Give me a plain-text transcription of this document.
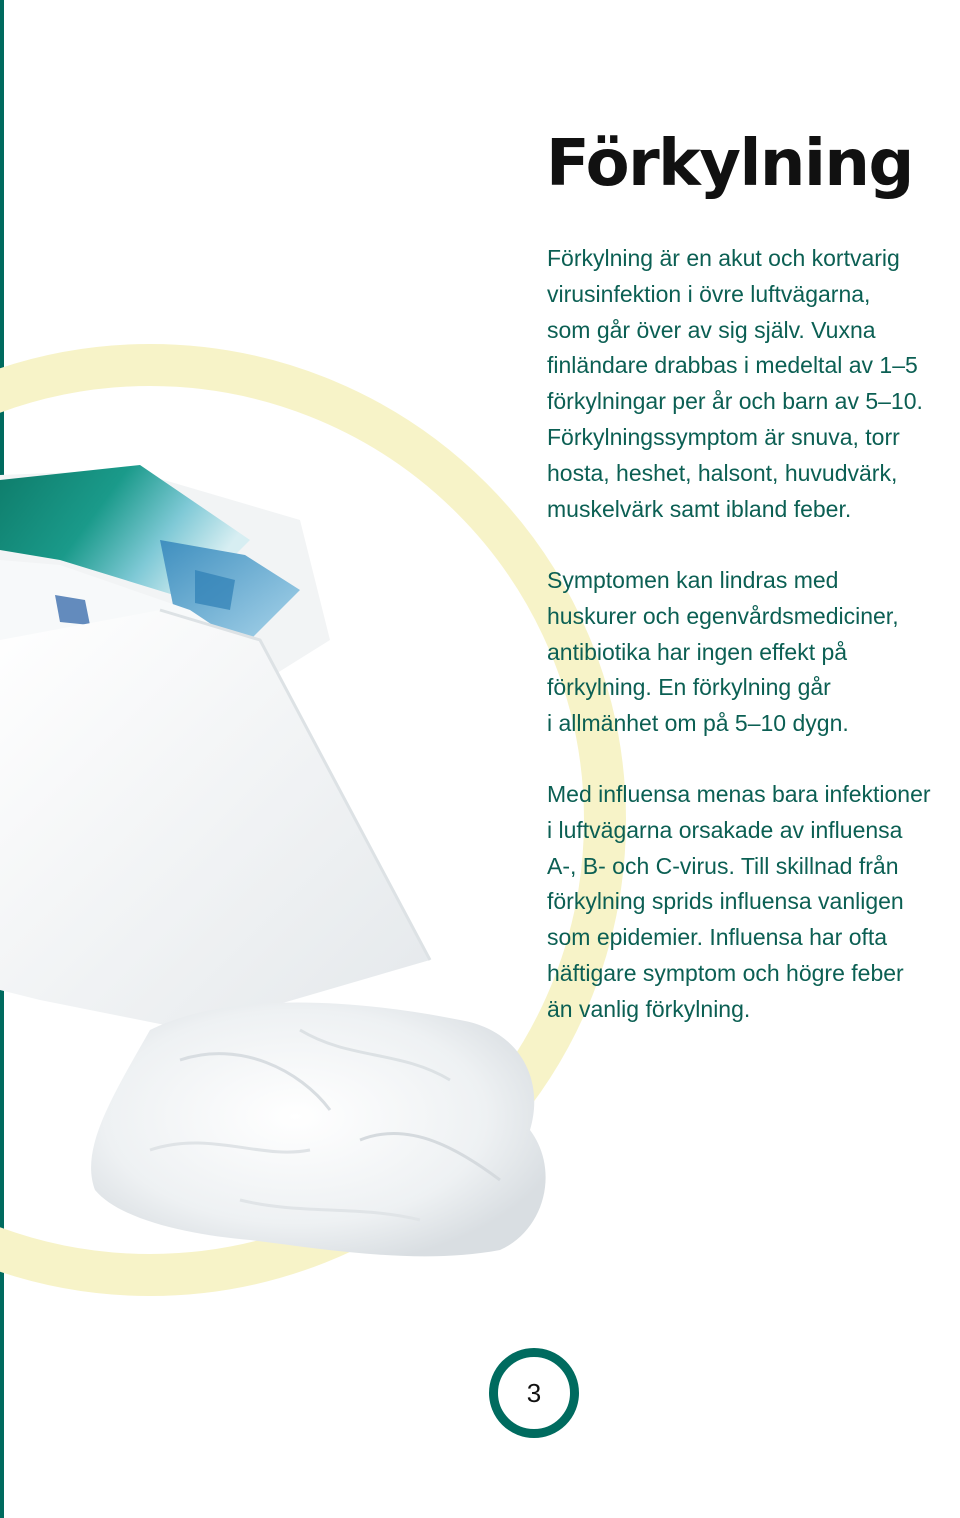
Förkylning

Förkylning är en akut och kortvarig
virusinfektion i övre luftvägarna,
som går över av sig själv. Vuxna
finländare drabbas i medeltal av 1–5
förkylningar per år och barn av 5–10.
Förkylningssymptom är snuva, torr
hosta, heshet, halsont, huvudvärk,
muskelvärk samt ibland feber.

Symptomen kan lindras med
huskurer och egenvårdsmediciner,
antibiotika har ingen effekt på
förkylning. En förkylning går
i allmänhet om på 5–10 dygn.

Med influensa menas bara infektioner
i luftvägarna orsakade av influensa
A-, B- och C-virus. Till skillnad från
förkylning sprids influensa vanligen
som epidemier. Influensa har ofta
häftigare symptom och högre feber
än vanlig förkylning.

3
